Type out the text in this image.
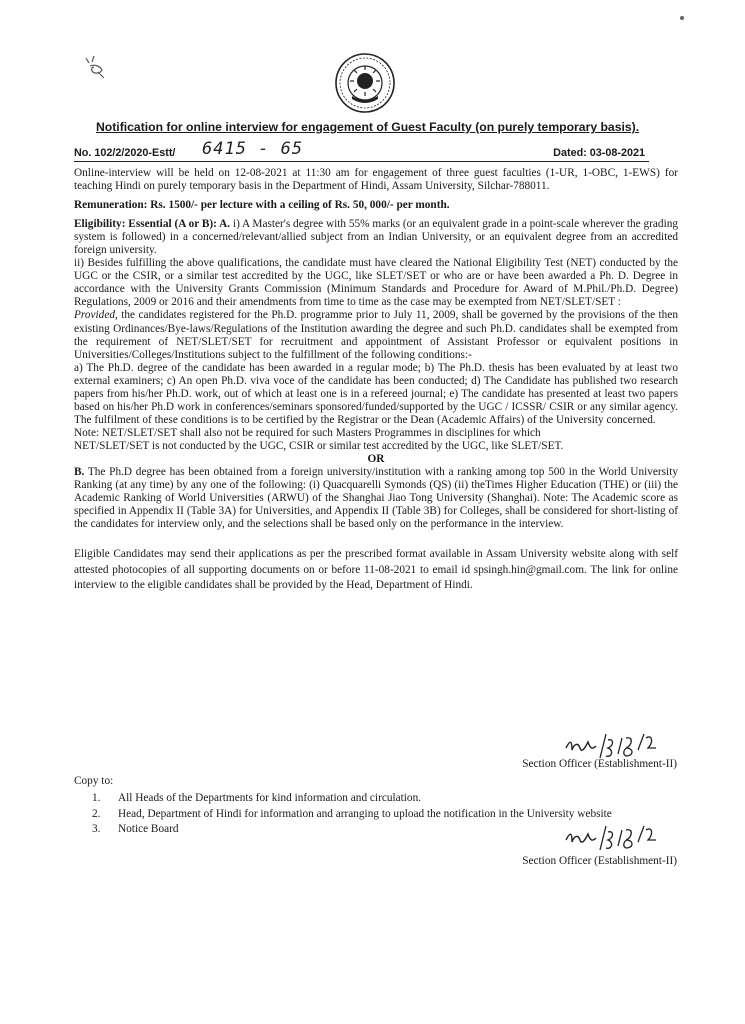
Notification for online interview for engagement of Guest Faculty (on purely temporary basis).
No. 102/2/2020-Estt/ 6415 - 65	Dated: 03-08-2021

Online-interview will be held on 12-08-2021 at 11:30 am for engagement of three guest faculties (1-UR, 1-OBC, 1-EWS) for teaching Hindi on purely temporary basis in the Department of Hindi, Assam University, Silchar-788011.

Remuneration: Rs. 1500/- per lecture with a ceiling of Rs. 50, 000/- per month.

Eligibility: Essential (A or B): A. i) A Master's degree with 55% marks (or an equivalent grade in a point-scale wherever the grading system is followed) in a concerned/relevant/allied subject from an Indian University, or an equivalent degree from an accredited foreign university.

ii) Besides fulfilling the above qualifications, the candidate must have cleared the National Eligibility Test (NET) conducted by the UGC or the CSIR, or a similar test accredited by the UGC, like SLET/SET or who are or have been awarded a Ph. D. Degree in accordance with the University Grants Commission (Minimum Standards and Procedure for Award of M.Phil./Ph.D. Degree) Regulations, 2009 or 2016 and their amendments from time to time as the case may be exempted from NET/SLET/SET :

Provided, the candidates registered for the Ph.D. programme prior to July 11, 2009, shall be governed by the provisions of the then existing Ordinances/Bye-laws/Regulations of the Institution awarding the degree and such Ph.D. candidates shall be exempted from the requirement of NET/SLET/SET for recruitment and appointment of Assistant Professor or equivalent positions in Universities/Colleges/Institutions subject to the fulfillment of the following conditions:-

a) The Ph.D. degree of the candidate has been awarded in a regular mode; b) The Ph.D. thesis has been evaluated by at least two external examiners; c) An open Ph.D. viva voce of the candidate has been conducted; d) The Candidate has published two research papers from his/her Ph.D. work, out of which at least one is in a refereed journal; e) The candidate has presented at least two papers based on his/her Ph.D work in conferences/seminars sponsored/funded/supported by the UGC / ICSSR/ CSIR or any similar agency. The fulfilment of these conditions is to be certified by the Registrar or the Dean (Academic Affairs) of the University concerned.

Note: NET/SLET/SET shall also not be required for such Masters Programmes in disciplines for which

NET/SLET/SET is not conducted by the UGC, CSIR or similar test accredited by the UGC, like SLET/SET.

OR

B. The Ph.D degree has been obtained from a foreign university/institution with a ranking among top 500 in the World University Ranking (at any time) by any one of the following: (i) Quacquarelli Symonds (QS) (ii) theTimes Higher Education (THE) or (iii) the Academic Ranking of World Universities (ARWU) of the Shanghai Jiao Tong University (Shanghai). Note: The Academic score as specified in Appendix II (Table 3A) for Universities, and Appendix II (Table 3B) for Colleges, shall be considered for short-listing of the candidates for interview only, and the selections shall be based only on the performance in the interview.

Eligible Candidates may send their applications as per the prescribed format available in Assam University website along with self attested photocopies of all supporting documents on or before 11-08-2021 to email id spsingh.hin@gmail.com. The link for online interview to the eligible candidates shall be provided by the Head, Department of Hindi.

Section Officer (Establishment-II)
Copy to:
1. All Heads of the Departments for kind information and circulation.
2. Head, Department of Hindi for information and arranging to upload the notification in the University website
3. Notice Board
Section Officer (Establishment-II)
